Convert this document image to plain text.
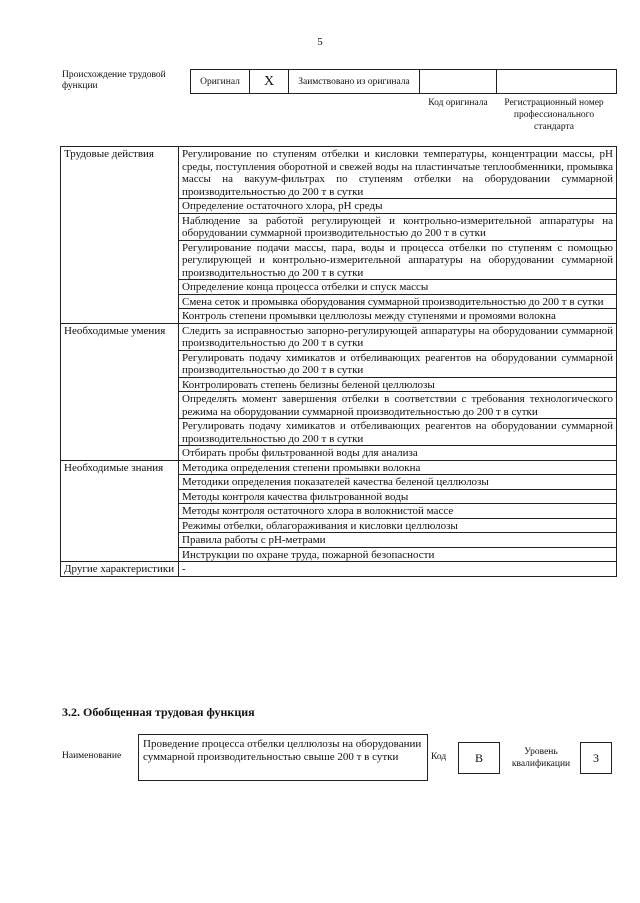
5
Происхождение трудовой функции	Оригинал	X	Заимствовано из оригинала		
Код оригинала	Регистрационный номер профессионального стандарта
Трудовые действия	Регулирование по ступеням отбелки и кисловки температуры, концентрации массы, pH среды, поступления оборотной и свежей воды на пластинчатые теплообменники, промывка массы на вакуум-фильтрах по ступеням отбелки на оборудовании суммарной производительностью до 200 т в сутки
	Определение остаточного хлора, pH среды
	Наблюдение за работой регулирующей и контрольно-измерительной аппаратуры на оборудовании суммарной производительностью до 200 т в сутки
	Регулирование подачи массы, пара, воды и процесса отбелки по ступеням с помощью регулирующей и контрольно-измерительной аппаратуры на оборудовании суммарной производительностью до 200 т в сутки
	Определение конца процесса отбелки и спуск массы
	Смена сеток и промывка оборудования суммарной производительностью до 200 т в сутки
	Контроль степени промывки целлюлозы между ступенями и промоями волокна
Необходимые умения	Следить за исправностью запорно-регулирующей аппаратуры на оборудовании суммарной производительностью до 200 т в сутки
	Регулировать подачу химикатов и отбеливающих реагентов на оборудовании суммарной производительностью до 200 т в сутки
	Контролировать степень белизны беленой целлюлозы
	Определять момент завершения отбелки в соответствии с требования технологического режима на оборудовании суммарной производительностью до 200 т в сутки
	Регулировать подачу химикатов и отбеливающих реагентов на оборудовании суммарной производительностью до 200 т в сутки
	Отбирать пробы фильтрованной воды для анализа
Необходимые знания	Методика определения степени промывки волокна
	Методики определения показателей качества беленой целлюлозы
	Методы контроля качества фильтрованной воды
	Методы контроля остаточного хлора в волокнистой массе
	Режимы отбелки, облагораживания и кисловки целлюлозы
	Правила работы с pH-метрами
	Инструкции по охране труда, пожарной безопасности
Другие характеристики	-
3.2. Обобщенная трудовая функция
Наименование
Проведение процесса отбелки целлюлозы на оборудовании суммарной производительностью свыше 200 т в сутки	Код	B	Уровень квалификации	3
